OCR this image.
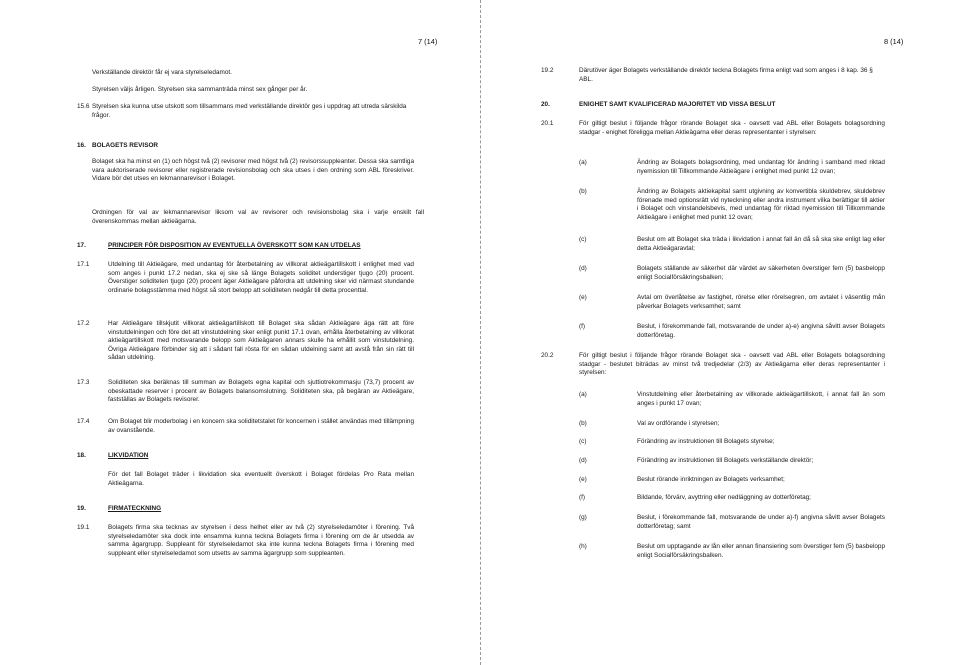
7 (14)
Verkställande direktör får ej vara styrelseledamot.
Styrelsen väljs årligen. Styrelsen ska sammanträda minst sex gånger per år.
15.6 Styrelsen ska kunna utse utskott som tillsammans med verkställande direktör ges i uppdrag att utreda särskilda frågor.
16. BOLAGETS REVISOR
Bolaget ska ha minst en (1) och högst två (2) revisorer med högst två (2) revisorssuppleanter. Dessa ska samtliga vara auktoriserade revisorer eller registrerade revisionsbolag och ska utses i den ordning som ABL föreskriver. Vidare bör det utses en lekmannarevisor i Bolaget.
Ordningen för val av lekmannarevisor liksom val av revisorer och revisionsbolag ska i varje enskilt fall överenskommas mellan aktieägarna.
17.	PRINCIPER FÖR DISPOSITION AV EVENTUELLA ÖVERSKOTT SOM KAN UTDELAS
17.1	Utdelning till Aktieägare, med undantag för återbetalning av villkorat aktieägartillskott i enlighet med vad som anges i punkt 17.2 nedan, ska ej ske så länge Bolagets soliditet understiger tjugo (20) procent. Överstiger soliditeten tjugo (20) procent äger Aktieägare påfordra att utdelning sker vid närmast stundande ordinarie bolagsstämma med högst så stort belopp att soliditeten nedgår till detta procenttal.
17.2	Har Aktieägare tillskjutit villkorat aktieägartillskott till Bolaget ska sådan Aktieägare äga rätt att före vinstutdelningen och före det att vinstutdelning sker enligt punkt 17.1 ovan, erhålla återbetalning av villkorat aktieägartillskott med motsvarande belopp som Aktieägaren annars skulle ha erhållit som vinstutdelning. Övriga Aktieägare förbinder sig att i sådant fall rösta för en sådan utdelning samt att avstå från sin rätt till sådan utdelning.
17.3	Soliditeten ska beräknas till summan av Bolagets egna kapital och sjuttiotrekommasju (73,7) procent av obeskattade reserver i procent av Bolagets balansomslutning. Soliditeten ska, på begäran av Aktieägare, fastställas av Bolagets revisorer.
17.4	Om Bolaget blir moderbolag i en koncern ska soliditetstalet för koncernen i stället användas med tillämpning av ovanstående.
18.	LIKVIDATION
För det fall Bolaget träder i likvidation ska eventuellt överskott i Bolaget fördelas Pro Rata mellan Aktieägarna.
19.	FIRMATECKNING
19.1	Bolagets firma ska tecknas av styrelsen i dess helhet eller av två (2) styrelseledamöter i förening. Två styrelseledamöter ska dock inte ensamma kunna teckna Bolagets firma i förening om de är utsedda av samma ägargrupp. Suppleant för styrelseledamot ska inte kunna teckna Bolagets firma i förening med suppleant eller styrelseledamot som utsetts av samma ägargrupp som suppleanten.
8 (14)
19.2	Därutöver äger Bolagets verkställande direktör teckna Bolagets firma enligt vad som anges i 8 kap. 36 § ABL.
20.	ENIGHET SAMT KVALIFICERAD MAJORITET VID VISSA BESLUT
20.1	För giltigt beslut i följande frågor rörande Bolaget ska - oavsett vad ABL eller Bolagets bolagsordning stadgar - enighet föreligga mellan Aktieägarna eller deras representanter i styrelsen:
(a)	Ändring av Bolagets bolagsordning, med undantag för ändring i samband med riktad nyemission till Tillkommande Aktieägare i enlighet med punkt 12 ovan;
(b)	Ändring av Bolagets aktiekapital samt utgivning av konvertibla skuldebrev, skuldebrev förenade med optionsrätt vid nyteckning eller andra instrument vilka berättigar till aktier i Bolaget och vinstandelsbevis, med undantag för riktad nyemission till Tillkommande Aktieägare i enlighet med punkt 12 ovan;
(c)	Beslut om att Bolaget ska träda i likvidation i annat fall än då så ska ske enligt lag eller detta Aktieägaravtal;
(d)	Bolagets ställande av säkerhet där värdet av säkerheten överstiger fem (5) basbelopp enligt Socialförsäkringsbalken;
(e)	Avtal om överlåtelse av fastighet, rörelse eller rörelsegren, om avtalet i väsentlig mån påverkar Bolagets verksamhet; samt
(f)	Beslut, i förekommande fall, motsvarande de under a)-e) angivna såvitt avser Bolagets dotterföretag.
20.2	För giltigt beslut i följande frågor rörande Bolaget ska - oavsett vad ABL eller Bolagets bolagsordning stadgar - beslutet biträdas av minst två tredjedelar (2/3) av Aktieägarna eller deras representanter i styrelsen:
(a)	Vinstutdelning eller återbetalning av villkorade aktieägartillskott, i annat fall än som anges i punkt 17 ovan;
(b)	Val av ordförande i styrelsen;
(c)	Förändring av instruktionen till Bolagets styrelse;
(d)	Förändring av instruktionen till Bolagets verkställande direktör;
(e)	Beslut rörande inriktningen av Bolagets verksamhet;
(f)	Bildande, förvärv, avyttring eller nedläggning av dotterföretag;
(g)	Beslut, i förekommande fall, motsvarande de under a)-f) angivna såvitt avser Bolagets dotterföretag; samt
(h)	Beslut om upptagande av lån eller annan finansiering som överstiger fem (5) basbelopp enligt Socialförsäkringsbalken.
